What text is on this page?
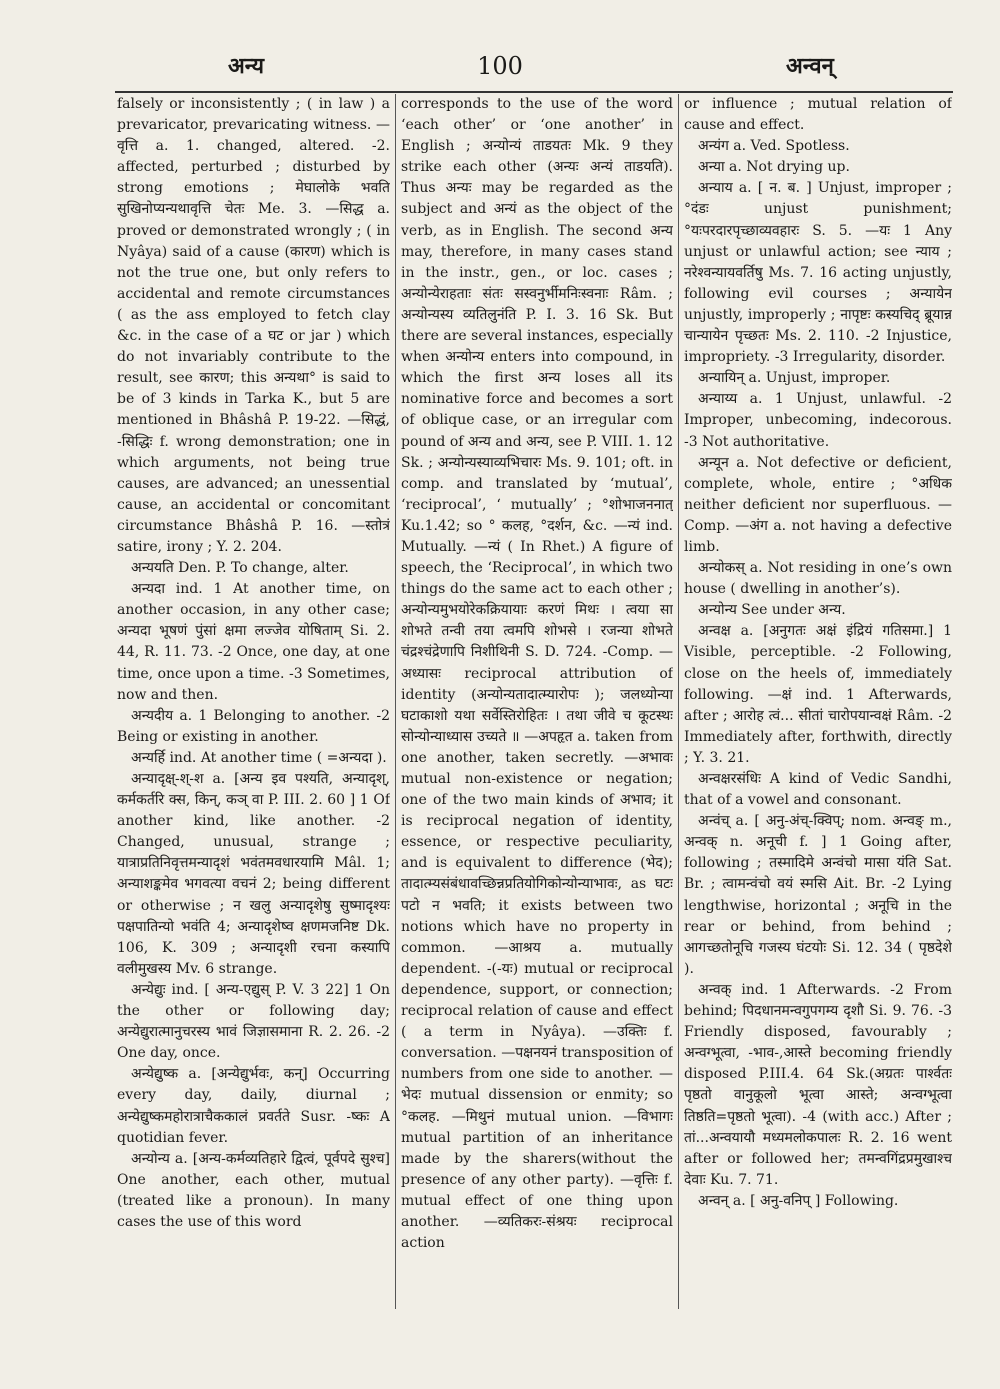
अन्य	100	अन्वन्

falsely or inconsistently ; ( in law ) a prevaricator, prevaricating witness. —वृत्ति a. 1. changed, altered. -2. affected, perturbed ; disturbed by strong emotions ; मेघालोके भवति सुखिनोप्यन्यथावृत्ति चेतः Me. 3. —सिद्ध a. proved or demonstrated wrongly ; ( in Nyâya) said of a cause (कारण) which is not the true one, but only refers to accidental and remote circumstances ( as the ass employed to fetch clay &c. in the case of a घट or jar ) which do not invariably contribute to the result, see कारण; this अन्यथा° is said to be of 3 kinds in Tarka K., but 5 are mentioned in Bhâshâ P. 19-22. —सिद्धं, -सिद्धिः f. wrong demonstration; one in which arguments, not being true causes, are advanced; an unessential cause, an accidental or concomitant circumstance Bhâshâ P. 16. —स्तोत्रं satire, irony ; Y. 2. 204.

अन्ययति Den. P. To change, alter.

अन्यदा ind. 1 At another time, on another occasion, in any other case; अन्यदा भूषणं पुंसां क्षमा लज्जेव योषिताम् Si. 2. 44, R. 11. 73. -2 Once, one day, at one time, once upon a time. -3 Sometimes, now and then.

अन्यदीय a. 1 Belonging to another. -2 Being or existing in another.

अन्यर्हि ind. At another time ( =अन्यदा ).

अन्यादृक्ष्-श्-श a. [अन्य इव पश्यति, अन्यादृश्, कर्मकर्तरि क्स, किन्, कञ् वा P. III. 2. 60 ] 1 Of another kind, like another. -2 Changed, unusual, strange ; यात्राप्रतिनिवृत्तमन्यादृशं भवंतमवधारयामि Mâl. 1; अन्याशङ्कमेव भगवत्या वचनं 2; being different or otherwise ; न खलु अन्यादृशेषु सुष्मादृश्यः पक्षपातिन्यो भवंति 4; अन्यादृशेष्व क्षणमजनिष्ट Dk. 106, K. 309 ; अन्यादृशी रचना कस्यापि वलीमुखस्य Mv. 6 strange.

अन्येद्युः ind. [ अन्य-एद्युस् P. V. 3 22] 1 On the other or following day; अन्येद्युरात्मानुचरस्य भावं जिज्ञासमाना R. 2. 26. -2 One day, once.

अन्येद्युष्क a. [अन्येद्युर्भवः, कन्] Occurring every day, daily, diurnal ; अन्येद्युष्कमहोरात्राचैककालं प्रवर्तते Susr. -ष्कः A quotidian fever.

अन्योन्य a. [अन्य-कर्मव्यतिहारे द्वित्वं, पूर्वपदे सुश्च] One another, each other, mutual (treated like a pronoun). In many cases the use of this word

corresponds to the use of the word ‘each other’ or ‘one another’ in English ; अन्योन्यं ताडयतः Mk. 9 they strike each other (अन्यः अन्यं ताडयति). Thus अन्यः may be regarded as the subject and अन्यं as the object of the verb, as in English. The second अन्य may, therefore, in many cases stand in the instr., gen., or loc. cases ; अन्योन्येराहताः संतः सस्वनुर्भीमनिःस्वनाः Râm. ; अन्योन्यस्य व्यतिलुनंति P. I. 3. 16 Sk. But there are several instances, especially when अन्योन्य enters into compound, in which the first अन्य loses all its nominative force and becomes a sort of oblique case, or an irregular com pound of अन्य and अन्य, see P. VIII. 1. 12 Sk. ; अन्योन्यस्याव्यभिचारः Ms. 9. 101; oft. in comp. and translated by ‘mutual’, ‘reciprocal’, ‘ mutually’ ; °शोभाजननात् Ku.1.42; so ° कलह, °दर्शन, &c. —न्यं ind. Mutually. —न्यं ( In Rhet.) A figure of speech, the ‘Reciprocal’, in which two things do the same act to each other ; अन्योन्यमुभयोरेकक्रियायाः करणं मिथः । त्वया सा शोभते तन्वी तया त्वमपि शोभसे । रजन्या शोभते चंद्रश्चंद्रेणापि निशीथिनी S. D. 724. -Comp. —अध्यासः reciprocal attribution of identity (अन्योन्यतादात्म्यारोपः ); जलध्योन्या घटाकाशो यथा सर्वेस्तिरोहितः । तथा जीवे च कूटस्थः सोन्योन्याध्यास उच्यते ॥ —अपहृत a. taken from one another, taken secretly. —अभावः mutual non-existence or negation; one of the two main kinds of अभाव; it is reciprocal negation of identity, essence, or respective peculiarity, and is equivalent to difference (भेद); तादात्म्यसंबंधावच्छिन्नप्रतियोगिकोन्योन्याभावः, as घटः पटो न भवति; it exists between two notions which have no property in common. —आश्रय a. mutually dependent. -(-यः) mutual or reciprocal dependence, support, or connection; reciprocal relation of cause and effect ( a term in Nyâya). —उक्तिः f. conversation. —पक्षनयनं transposition of numbers from one side to another. —भेदः mutual dissension or enmity; so °कलह. —मिथुनं mutual union. —विभागः mutual partition of an inheritance made by the sharers(without the presence of any other party). —वृत्तिः f. mutual effect of one thing upon another. —व्यतिकरः-संश्रयः reciprocal action

or influence ; mutual relation of cause and effect.

अन्यंग a. Ved. Spotless.

अन्या a. Not drying up.

अन्याय a. [ न. ब. ] Unjust, improper ; °दंडः unjust punishment; °यःपरदारपृच्छाव्यवहारः S. 5. —यः 1 Any unjust or unlawful action; see न्याय ; नरेश्वन्यायवर्तिषु Ms. 7. 16 acting unjustly, following evil courses ; अन्यायेन unjustly, improperly ; नापृष्टः कस्यचिद् ब्रूयान्न चान्यायेन पृच्छतः Ms. 2. 110. -2 Injustice, impropriety. -3 Irregularity, disorder.

अन्यायिन् a. Unjust, improper.

अन्याय्य a. 1 Unjust, unlawful. -2 Improper, unbecoming, indecorous. -3 Not authoritative.

अन्यून a. Not defective or deficient, complete, whole, entire ; °अधिक neither deficient nor superfluous. —Comp. —अंग a. not having a defective limb.

अन्योकस् a. Not residing in one’s own house ( dwelling in another’s).

अन्योन्य See under अन्य.

अन्वक्ष a. [अनुगतः अक्षं इंद्रियं गतिसमा.] 1 Visible, perceptible. -2 Following, close on the heels of, immediately following. —क्षं ind. 1 Afterwards, after ; आरोह त्वं... सीतां चारोपयान्वक्षं Râm. -2 Immediately after, forthwith, directly ; Y. 3. 21.

अन्वक्षरसंधिः A kind of Vedic Sandhi, that of a vowel and consonant.

अन्वंच् a. [ अनु-अंच्-क्विप्; nom. अन्वङ् m., अन्वक् n. अनूची f. ] 1 Going after, following ; तस्मादिमे अन्वंचो मासा यंति Sat. Br. ; त्वामन्वंचो वयं स्मसि Ait. Br. -2 Lying lengthwise, horizontal ; अनूचि in the rear or behind, from behind ; आगच्छतोनूचि गजस्य घंटयोः Si. 12. 34 ( पृष्ठदेशे ).

अन्वक् ind. 1 Afterwards. -2 From behind; पिदधानमन्वगुपगम्य दृशौ Si. 9. 76. -3 Friendly disposed, favourably ; अन्वग्भूत्वा, -भाव-,आस्ते becoming friendly disposed P.III.4. 64 Sk.(अग्रतः पार्श्वतः पृष्ठतो वानुकूलो भूत्वा आस्ते; अन्वग्भूत्वा तिष्ठति=पृष्ठतो भूत्वा). -4 (with acc.) After ; तां...अन्वयायौ मध्यमलोकपालः R. 2. 16 went after or followed her; तमन्वगिंद्रप्रमुखाश्च देवाः Ku. 7. 71.

अन्वन् a. [ अनु-वनिप् ] Following.
